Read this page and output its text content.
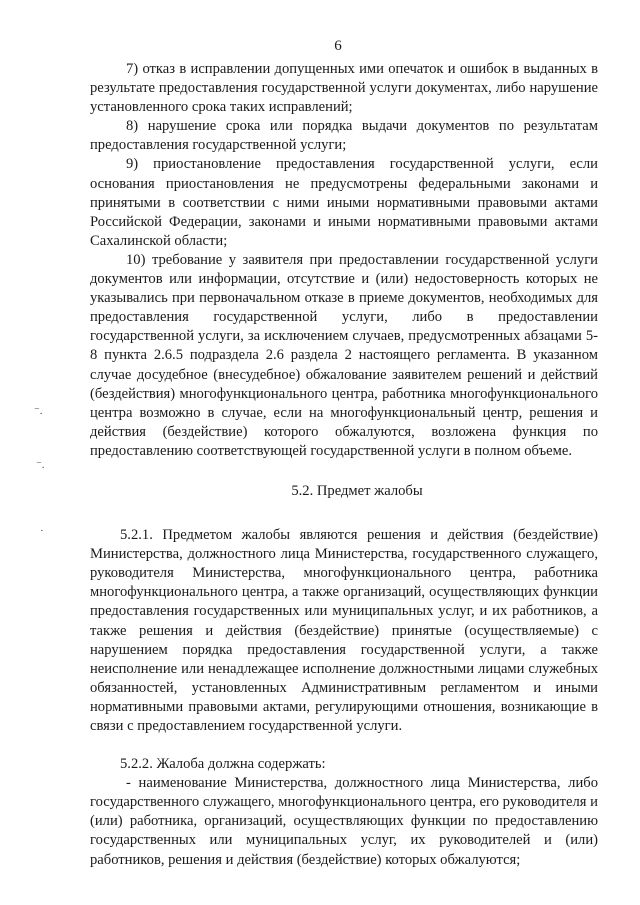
6
⁻.
⁻.
·

7) отказ в исправлении допущенных ими опечаток и ошибок в выданных в результате предоставления государственной услуги документах, либо нарушение установленного срока таких исправлений;

8) нарушение срока или порядка выдачи документов по результатам предоставления государственной услуги;

9) приостановление предоставления государственной услуги, если основания приостановления не предусмотрены федеральными законами и принятыми в соответствии с ними иными нормативными правовыми актами Российской Федерации, законами и иными нормативными правовыми актами Сахалинской области;

10) требование у заявителя при предоставлении государственной услуги документов или информации, отсутствие и (или) недостоверность которых не указывались при первоначальном отказе в приеме документов, необходимых для предоставления государственной услуги, либо в предоставлении государственной услуги, за исключением случаев, предусмотренных абзацами 5-8 пункта 2.6.5 подраздела 2.6 раздела 2 настоящего регламента. В указанном случае досудебное (внесудебное) обжалование заявителем решений и действий (бездействия) многофункционального центра, работника многофункционального центра возможно в случае, если на многофункциональный центр, решения и действия (бездействие) которого обжалуются, возложена функция по предоставлению соответствующей государственной услуги в полном объеме.

5.2. Предмет жалобы

5.2.1. Предметом жалобы являются решения и действия (бездействие) Министерства, должностного лица Министерства, государственного служащего, руководителя Министерства, многофункционального центра, работника многофункционального центра, а также организаций, осуществляющих функции предоставления государственных или муниципальных услуг, и их работников, а также решения и действия (бездействие) принятые (осуществляемые) с нарушением порядка предоставления государственной услуги, а также неисполнение или ненадлежащее исполнение должностными лицами служебных обязанностей, установленных Административным регламентом и иными нормативными правовыми актами, регулирующими отношения, возникающие в связи с предоставлением государственной услуги.

5.2.2. Жалоба должна содержать:

- наименование Министерства, должностного лица Министерства, либо государственного служащего, многофункционального центра, его руководителя и (или) работника, организаций, осуществляющих функции по предоставлению государственных или муниципальных услуг, их руководителей и (или) работников, решения и действия (бездействие) которых обжалуются;
